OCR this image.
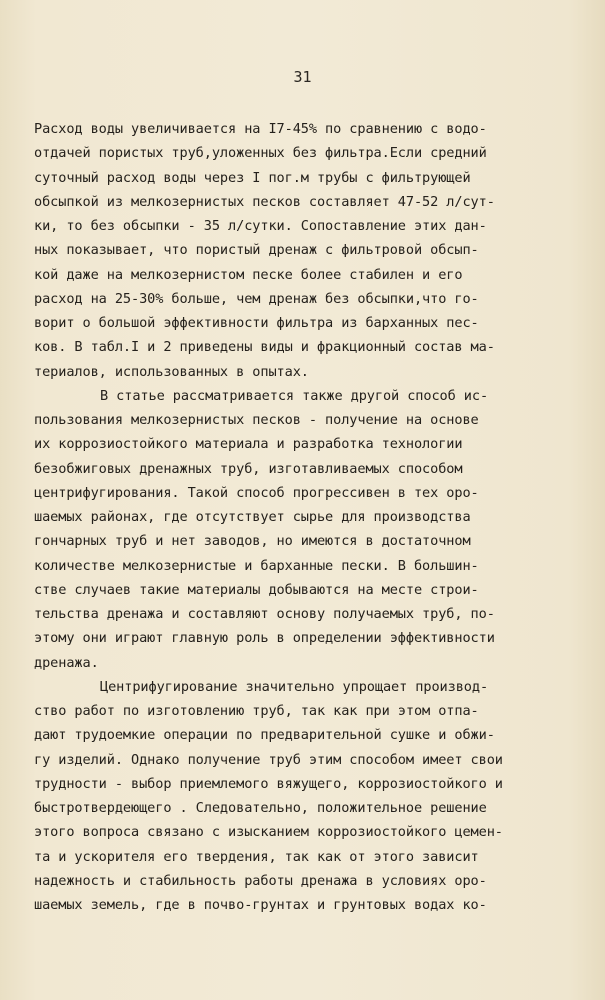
31
Расход воды увеличивается на I7-45% по сравнению с водо-
отдачей пористых труб,уложенных без фильтра.Если средний
суточный расход воды через I пог.м трубы с фильтрующей
обсыпкой из мелкозернистых песков составляет 47-52 л/сут-
ки, то без обсыпки - 35 л/сутки. Сопоставление этих дан-
ных показывает, что пористый дренаж с фильтровой обсып-
кой даже на мелкозернистом песке более стабилен и его
расход на 25-30% больше, чем дренаж без обсыпки,что го-
ворит о большой эффективности фильтра из барханных пес-
ков. В табл.I и 2 приведены виды и фракционный состав ма-
териалов, использованных в опытах.
В статье рассматривается также другой способ ис-
пользования мелкозернистых песков - получение на основе
их коррозиостойкого материала и разработка технологии
безобжиговых дренажных труб, изготавливаемых способом
центрифугирования. Такой способ прогрессивен в тех оро-
шаемых районах, где отсутствует сырье для производства
гончарных труб и нет заводов, но имеются в достаточном
количестве мелкозернистые и барханные пески. В большин-
стве случаев такие материалы добываются на месте строи-
тельства дренажа и составляют основу получаемых труб, по-
этому они играют главную роль в определении эффективности
дренажа.
Центрифугирование значительно упрощает производ-
ство работ по изготовлению труб, так как при этом отпа-
дают трудоемкие операции по предварительной сушке и обжи-
гу изделий. Однако получение труб этим способом имеет свои
трудности - выбор приемлемого вяжущего, коррозиостойкого и
быстротвердеющего . Следовательно, положительное решение
этого вопроса связано с изысканием коррозиостойкого цемен-
та и ускорителя его твердения, так как от этого зависит
надежность и стабильность работы дренажа в условиях оро-
шаемых земель, где в почво-грунтах и грунтовых водах ко-
